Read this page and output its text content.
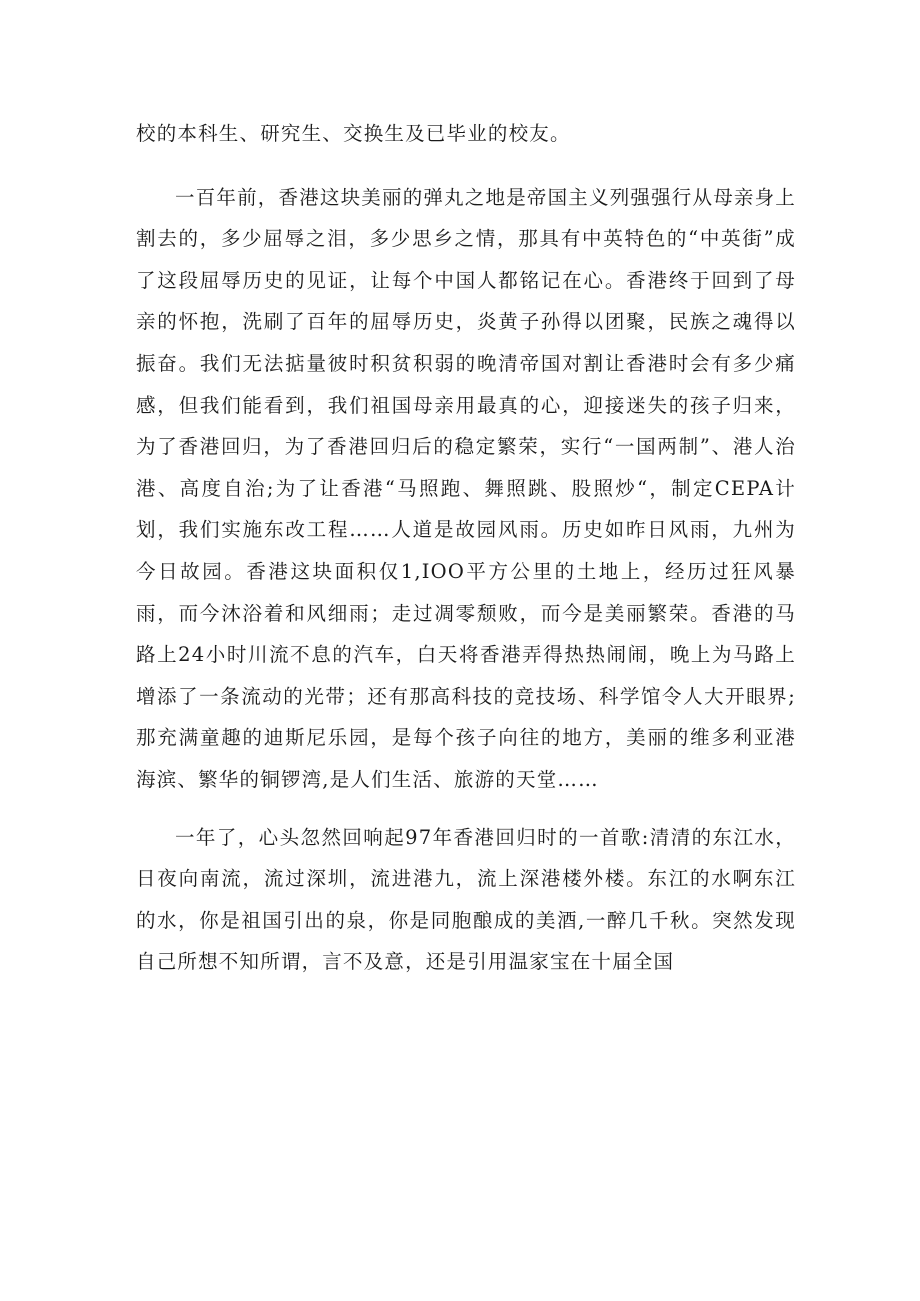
校的本科生、研究生、交换生及已毕业的校友。

一百年前，香港这块美丽的弹丸之地是帝国主义列强强行从母亲身上割去的，多少屈辱之泪，多少思乡之情，那具有中英特色的“中英街”成了这段屈辱历史的见证，让每个中国人都铭记在心。香港终于回到了母亲的怀抱，洗刷了百年的屈辱历史，炎黄子孙得以团聚，民族之魂得以振奋。我们无法掂量彼时积贫积弱的晚清帝国对割让香港时会有多少痛感，但我们能看到，我们祖国母亲用最真的心，迎接迷失的孩子归来，为了香港回归，为了香港回归后的稳定繁荣，实行“一国两制”、港人治港、高度自治;为了让香港“马照跑、舞照跳、股照炒“，制定CEPA计划，我们实施东改工程……人道是故园风雨。历史如昨日风雨，九州为今日故园。香港这块面积仅1,IOO平方公里的土地上，经历过狂风暴雨，而今沐浴着和风细雨；走过凋零颓败，而今是美丽繁荣。香港的马路上24小时川流不息的汽车，白天将香港弄得热热闹闹，晚上为马路上增添了一条流动的光带；还有那高科技的竞技场、科学馆令人大开眼界;那充满童趣的迪斯尼乐园，是每个孩子向往的地方，美丽的维多利亚港海滨、繁华的铜锣湾,是人们生活、旅游的天堂……

一年了，心头忽然回响起97年香港回归时的一首歌:清清的东江水，日夜向南流，流过深圳，流进港九，流上深港楼外楼。东江的水啊东江的水，你是祖国引出的泉，你是同胞酿成的美酒,一醉几千秋。突然发现自己所想不知所谓，言不及意，还是引用温家宝在十届全国
